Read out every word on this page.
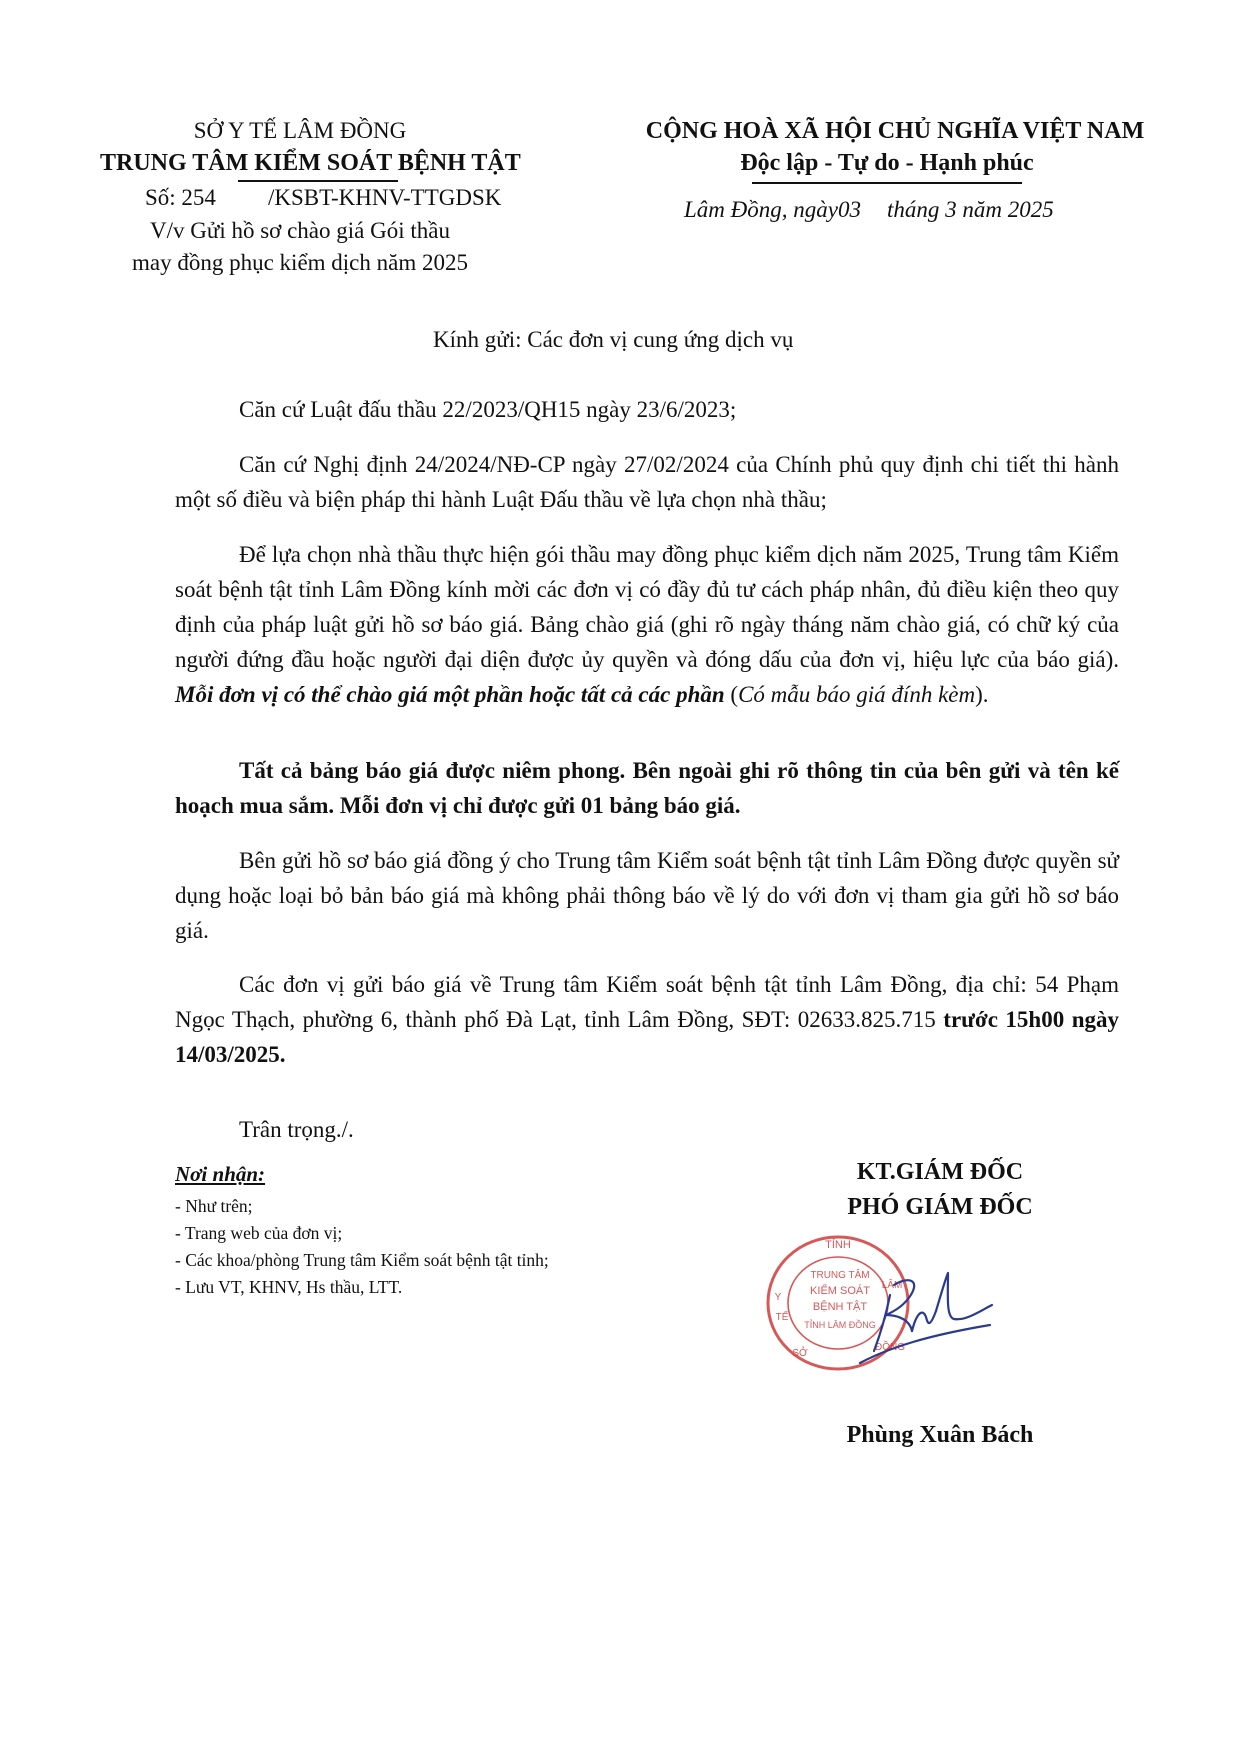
SỞ Y TẾ LÂM ĐỒNG
TRUNG TÂM KIỂM SOÁT BỆNH TẬT
Số: 254 /KSBT-KHNV-TTGDSK
V/v Gửi hồ sơ chào giá Gói thầu
may đồng phục kiểm dịch năm 2025
CỘNG HOÀ XÃ HỘI CHỦ NGHĨA VIỆT NAM
Độc lập - Tự do - Hạnh phúc
Lâm Đồng, ngày03 tháng 3 năm 2025
Kính gửi: Các đơn vị cung ứng dịch vụ

Căn cứ Luật đấu thầu 22/2023/QH15 ngày 23/6/2023;

Căn cứ Nghị định 24/2024/NĐ-CP ngày 27/02/2024 của Chính phủ quy định chi tiết thi hành một số điều và biện pháp thi hành Luật Đấu thầu về lựa chọn nhà thầu;

Để lựa chọn nhà thầu thực hiện gói thầu may đồng phục kiểm dịch năm 2025, Trung tâm Kiểm soát bệnh tật tỉnh Lâm Đồng kính mời các đơn vị có đầy đủ tư cách pháp nhân, đủ điều kiện theo quy định của pháp luật gửi hồ sơ báo giá. Bảng chào giá (ghi rõ ngày tháng năm chào giá, có chữ ký của người đứng đầu hoặc người đại diện được ủy quyền và đóng dấu của đơn vị, hiệu lực của báo giá). Mỗi đơn vị có thể chào giá một phần hoặc tất cả các phần (Có mẫu báo giá đính kèm).

Tất cả bảng báo giá được niêm phong. Bên ngoài ghi rõ thông tin của bên gửi và tên kế hoạch mua sắm. Mỗi đơn vị chỉ được gửi 01 bảng báo giá.

Bên gửi hồ sơ báo giá đồng ý cho Trung tâm Kiểm soát bệnh tật tỉnh Lâm Đồng được quyền sử dụng hoặc loại bỏ bản báo giá mà không phải thông báo về lý do với đơn vị tham gia gửi hồ sơ báo giá.

Các đơn vị gửi báo giá về Trung tâm Kiểm soát bệnh tật tỉnh Lâm Đồng, địa chỉ: 54 Phạm Ngọc Thạch, phường 6, thành phố Đà Lạt, tỉnh Lâm Đồng, SĐT: 02633.825.715 trước 15h00 ngày 14/03/2025.

Trân trọng./.
Nơi nhận:
- Như trên;
- Trang web của đơn vị;
- Các khoa/phòng Trung tâm Kiểm soát bệnh tật tỉnh;
- Lưu VT, KHNV, Hs thầu, LTT.
KT.GIÁM ĐỐC
PHÓ GIÁM ĐỐC
TỈNH
TRUNG TÂM
KIỂM SOÁT
BỆNH TẬT
TỈNH LÂM ĐỒNG
Y
TẾ
SỞ
LÂM
ĐỒNG
Phùng Xuân Bách
